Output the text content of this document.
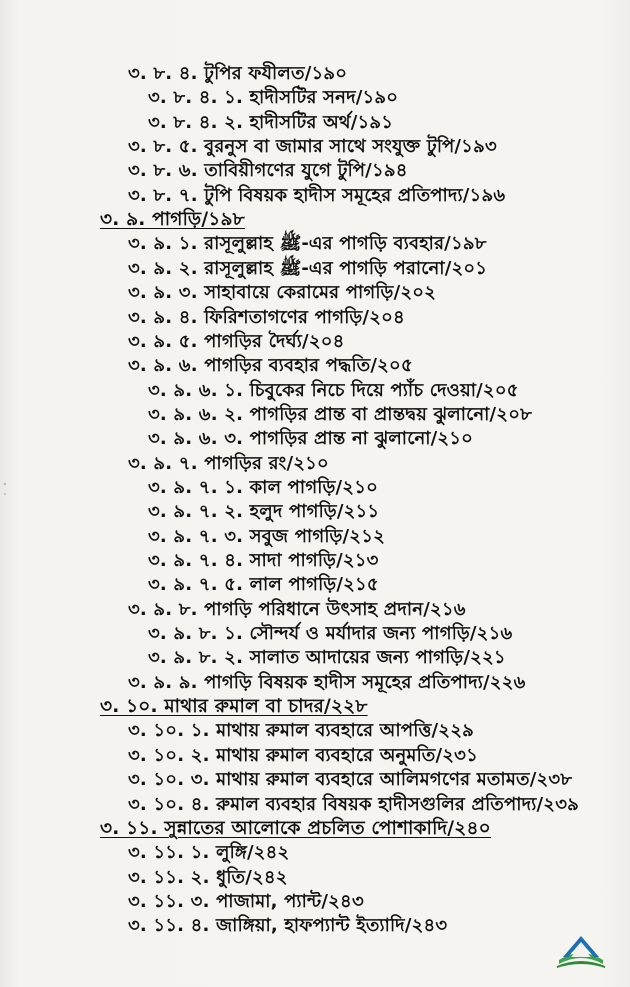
৩. ৮. ৪. টুপির ফযীলত/১৯০
৩. ৮. ৪. ১. হাদীসটির সনদ/১৯০
৩. ৮. ৪. ২. হাদীসটির অর্থ/১৯১
৩. ৮. ৫. বুরনুস বা জামার সাথে সংযুক্ত টুপি/১৯৩
৩. ৮. ৬. তাবিয়ীগণের যুগে টুপি/১৯৪
৩. ৮. ৭. টুপি বিষয়ক হাদীস সমূহের প্রতিপাদ্য/১৯৬
৩. ৯. পাগড়ি/১৯৮
৩. ৯. ১. রাসূলুল্লাহ ﷺ-এর পাগড়ি ব্যবহার/১৯৮
৩. ৯. ২. রাসূলুল্লাহ ﷺ-এর পাগড়ি পরানো/২০১
৩. ৯. ৩. সাহাবায়ে কেরামের পাগড়ি/২০২
৩. ৯. ৪. ফিরিশতাগণের পাগড়ি/২০৪
৩. ৯. ৫. পাগড়ির দৈর্ঘ্য/২০৪
৩. ৯. ৬. পাগড়ির ব্যবহার পদ্ধতি/২০৫
৩. ৯. ৬. ১. চিবুকের নিচে দিয়ে প্যাঁচ দেওয়া/২০৫
৩. ৯. ৬. ২. পাগড়ির প্রান্ত বা প্রান্তদ্বয় ঝুলানো/২০৮
৩. ৯. ৬. ৩. পাগড়ির প্রান্ত না ঝুলানো/২১০
৩. ৯. ৭. পাগড়ির রং/২১০
৩. ৯. ৭. ১. কাল পাগড়ি/২১০
৩. ৯. ৭. ২. হলুদ পাগড়ি/২১১
৩. ৯. ৭. ৩. সবুজ পাগড়ি/২১২
৩. ৯. ৭. ৪. সাদা পাগড়ি/২১৩
৩. ৯. ৭. ৫. লাল পাগড়ি/২১৫
৩. ৯. ৮. পাগড়ি পরিধানে উৎসাহ প্রদান/২১৬
৩. ৯. ৮. ১. সৌন্দর্য ও মর্যাদার জন্য পাগড়ি/২১৬
৩. ৯. ৮. ২. সালাত আদায়ের জন্য পাগড়ি/২২১
৩. ৯. ৯. পাগড়ি বিষয়ক হাদীস সমূহের প্রতিপাদ্য/২২৬
৩. ১০. মাথার রুমাল বা চাদর/২২৮
৩. ১০. ১. মাথায় রুমাল ব্যবহারে আপত্তি/২২৯
৩. ১০. ২. মাথায় রুমাল ব্যবহারে অনুমতি/২৩১
৩. ১০. ৩. মাথায় রুমাল ব্যবহারে আলিমগণের মতামত/২৩৮
৩. ১০. ৪. রুমাল ব্যবহার বিষয়ক হাদীসগুলির প্রতিপাদ্য/২৩৯
৩. ১১. সুন্নাতের আলোকে প্রচলিত পোশাকাদি/২৪০
৩. ১১. ১. লুঙ্গি/২৪২
৩. ১১. ২. ধুতি/২৪২
৩. ১১. ৩. পাজামা, প্যান্ট/২৪৩
৩. ১১. ৪. জাঙ্গিয়া, হাফপ্যান্ট ইত্যাদি/২৪৩
